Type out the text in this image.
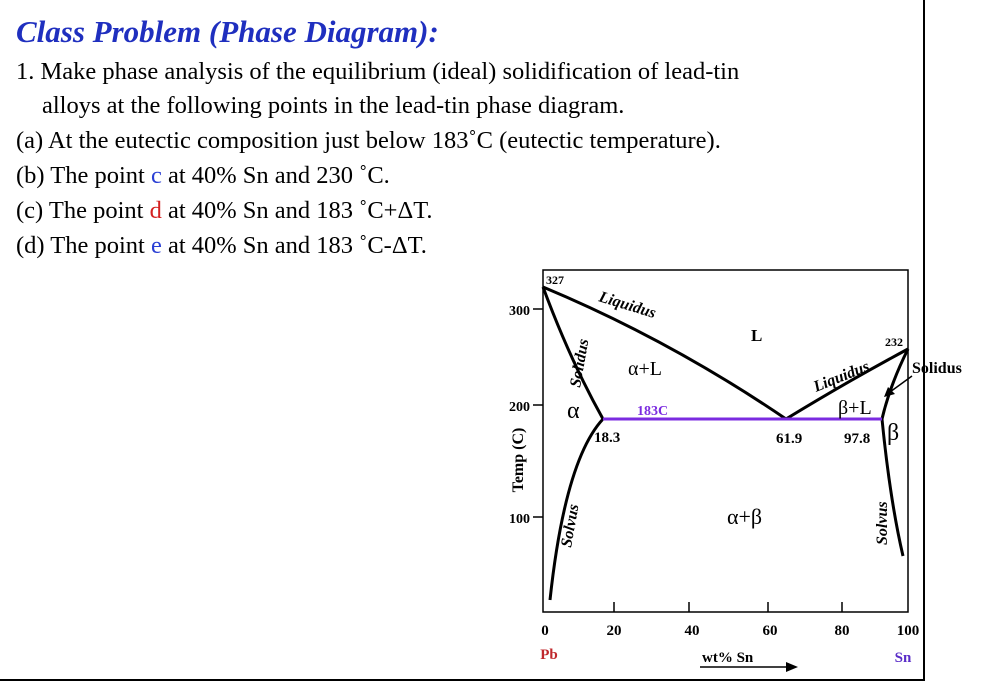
Class Problem (Phase Diagram):
1. Make phase analysis of the equilibrium (ideal) solidification of lead-tin
alloys at the following points in the lead-tin phase diagram.
(a) At the eutectic composition just below 183˚C (eutectic temperature).
(b) The point c at 40% Sn and 230 ˚C.
(c) The point d at 40% Sn and 183 ˚C+ΔT.
(d) The point e at 40% Sn and 183 ˚C-ΔT.
300
200
100
Temp (C)
0	20	40	60	80	100
Pb	Sn
wt% Sn
Liquidus
Liquidus
Solidus	Solidus
Solvus	Solvus
327
232
183C
18.3	61.9	97.8
L
α+L
β+L
α
β
α+β
